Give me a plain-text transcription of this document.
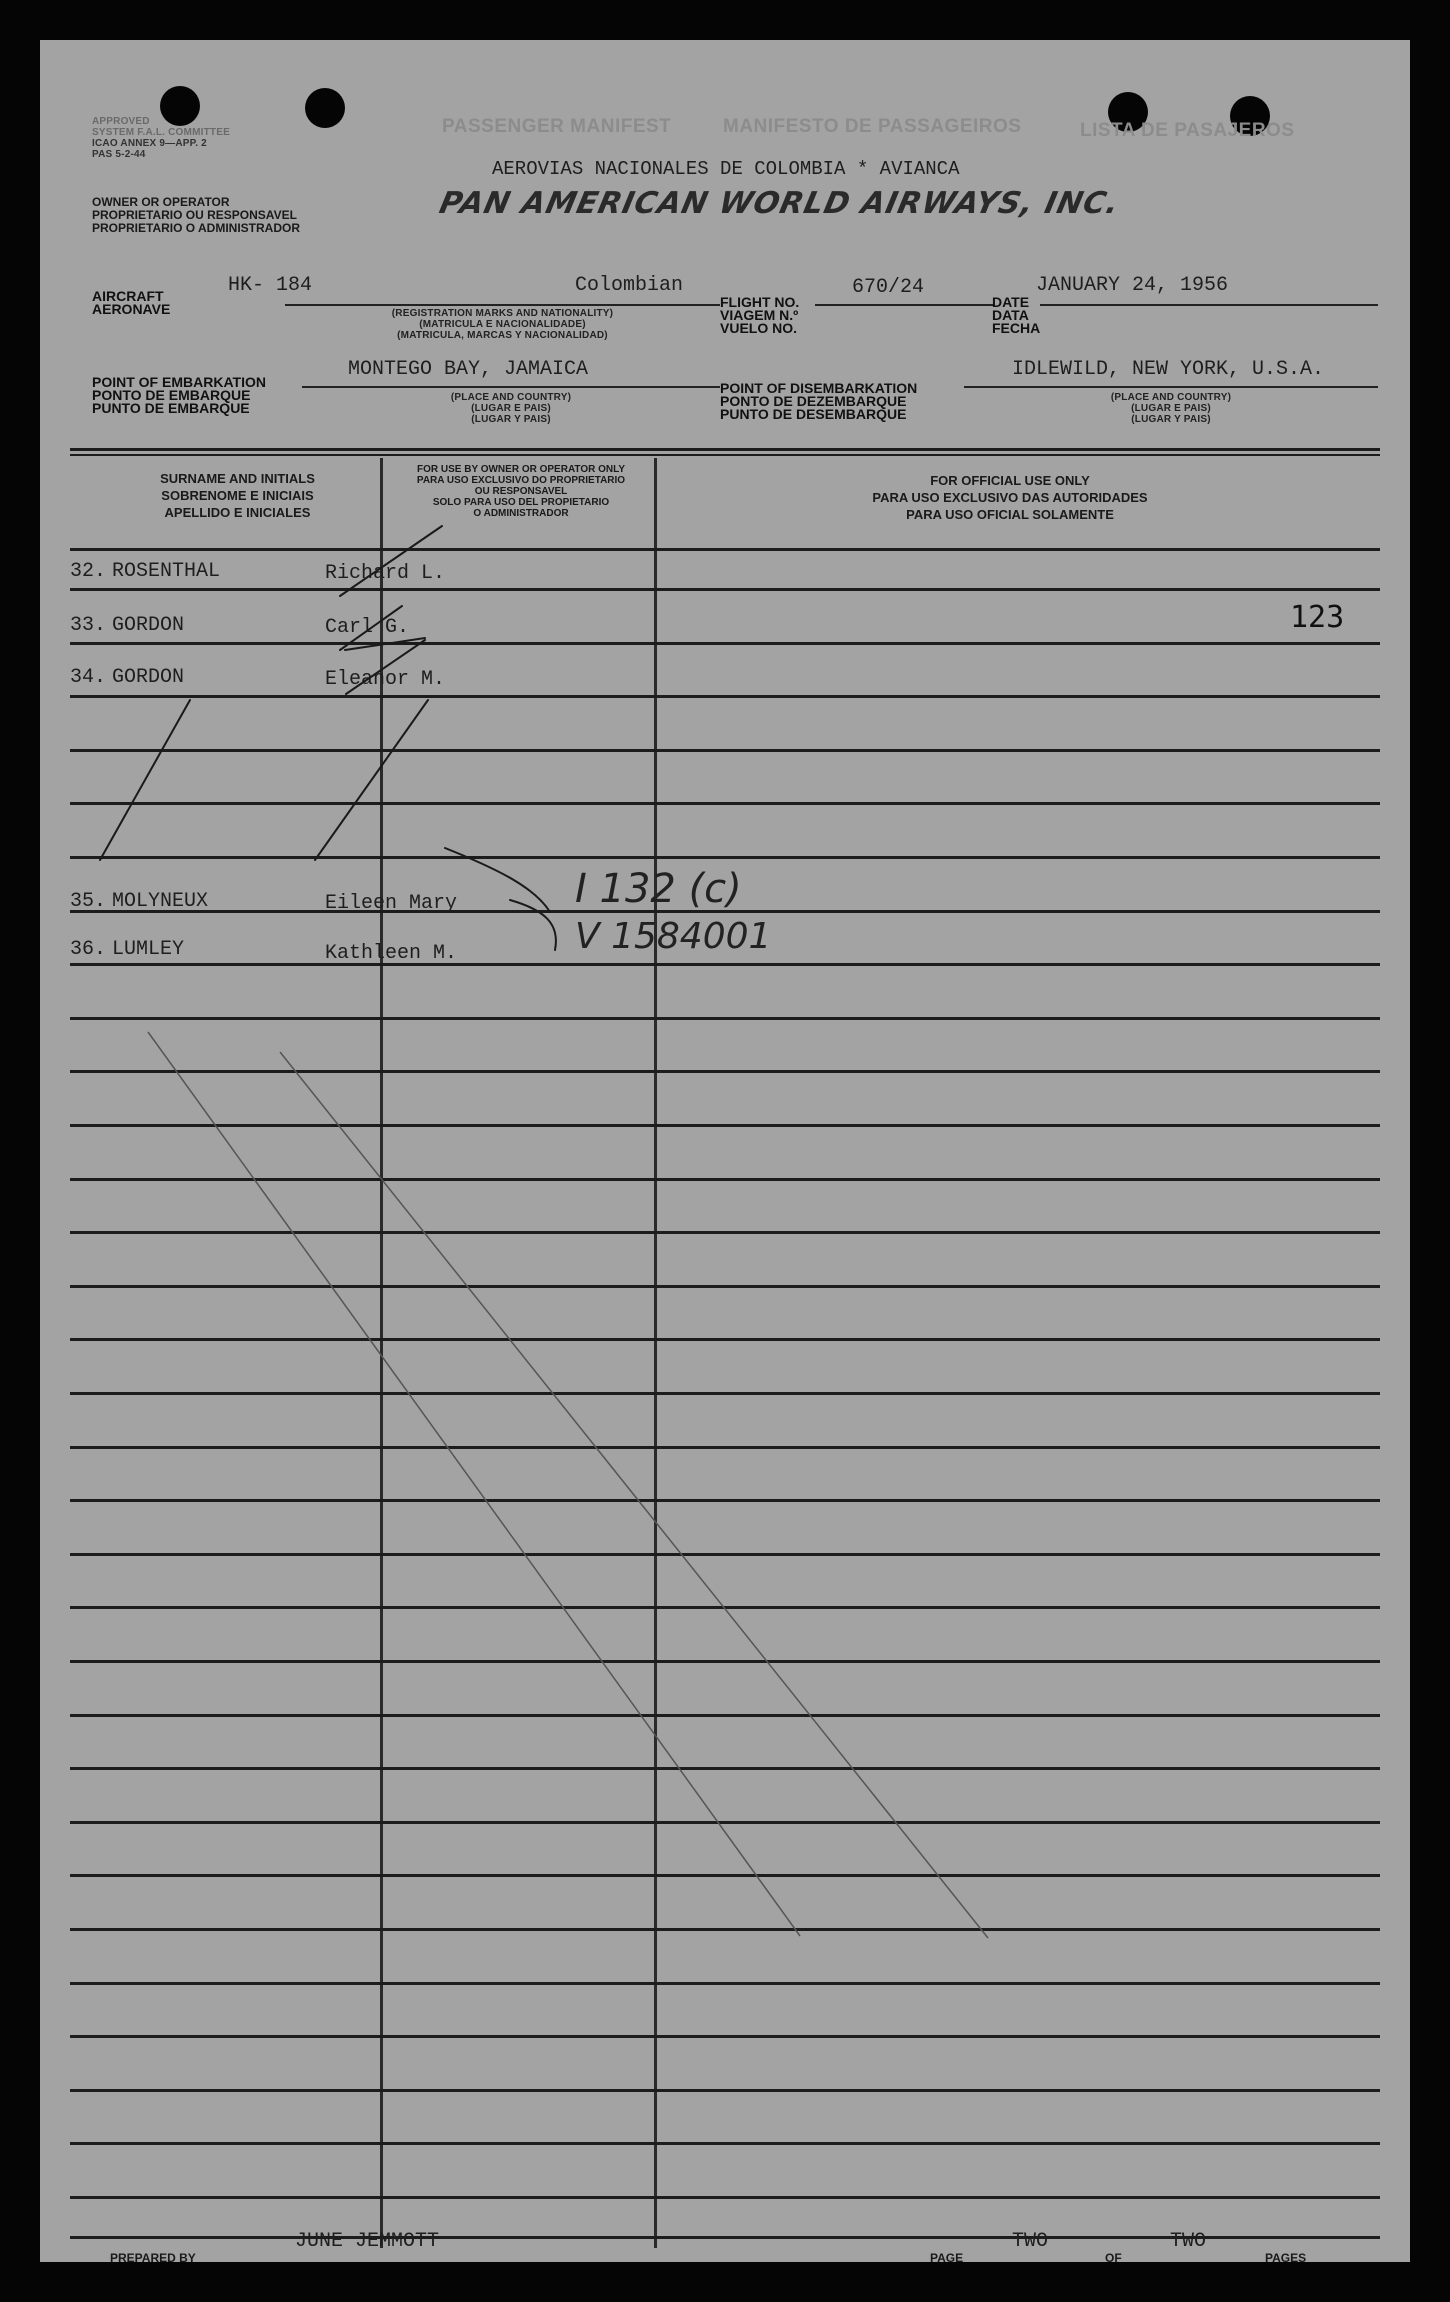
APPROVED
SYSTEM F.A.L. COMMITTEE
ICAO ANNEX 9—APP. 2
PAS 5-2-44
PASSENGER MANIFEST	MANIFESTO DE PASSAGEIROS	LISTA DE PASAJEROS
OWNER OR OPERATOR
PROPRIETARIO OU RESPONSAVEL
PROPRIETARIO O ADMINISTRADOR
AEROVIAS NACIONALES DE COLOMBIA * AVIANCA
PAN AMERICAN WORLD AIRWAYS, INC.
AIRCRAFT
AERONAVE
HK- 184	Colombian
(REGISTRATION MARKS AND NATIONALITY)
(MATRICULA E NACIONALIDADE)
(MATRICULA, MARCAS Y NACIONALIDAD)
FLIGHT NO.
VIAGEM N.º
VUELO NO.
670/24
DATE
DATA
FECHA
JANUARY 24, 1956
POINT OF EMBARKATION
PONTO DE EMBARQUE
PUNTO DE EMBARQUE
MONTEGO BAY, JAMAICA
(PLACE AND COUNTRY)
(LUGAR E PAIS)
(LUGAR Y PAIS)
POINT OF DISEMBARKATION
PONTO DE DEZEMBARQUE
PUNTO DE DESEMBARQUE
IDLEWILD, NEW YORK, U.S.A.
(PLACE AND COUNTRY)
(LUGAR E PAIS)
(LUGAR Y PAIS)
SURNAME AND INITIALS
SOBRENOME E INICIAIS
APELLIDO E INICIALES
FOR USE BY OWNER OR OPERATOR ONLY
PARA USO EXCLUSIVO DO PROPRIETARIO
OU RESPONSAVEL
SOLO PARA USO DEL PROPIETARIO
O ADMINISTRADOR
FOR OFFICIAL USE ONLY
PARA USO EXCLUSIVO DAS AUTORIDADES
PARA USO OFICIAL SOLAMENTE
32. ROSENTHAL	Richard L.
33. GORDON	Carl G.
34. GORDON	Eleanor M.
35. MOLYNEUX	Eileen Mary
36. LUMLEY	Kathleen M.
123
I 132 (c)
V 1584001
PREPARED BY
JUNE JEMMOTT
PAGE
TWO
OF
TWO
PAGES
